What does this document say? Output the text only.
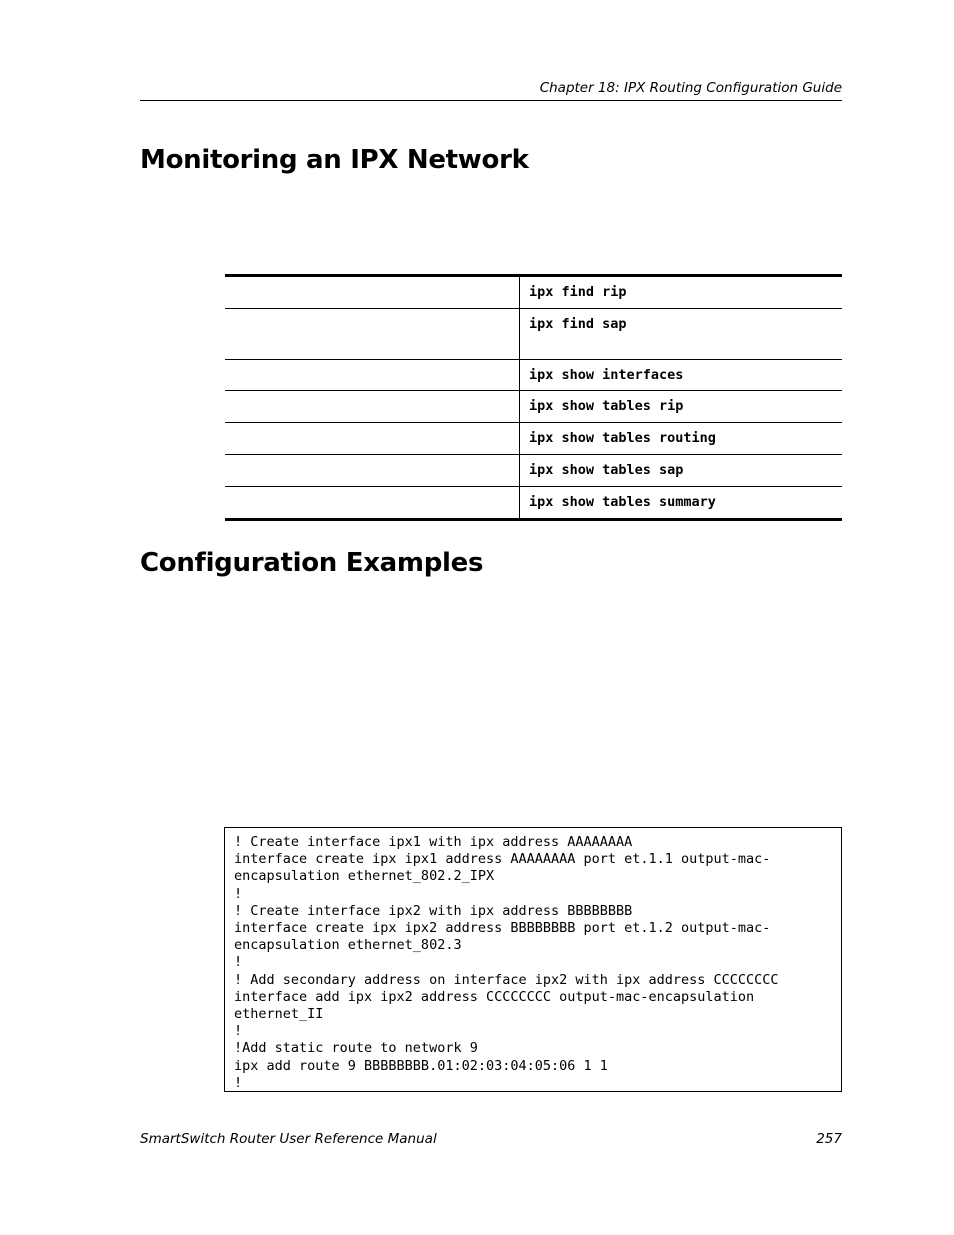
Chapter 18: IPX Routing Configuration Guide
Monitoring an IPX Network
	ipx find rip
	ipx find sap
	ipx show interfaces
	ipx show tables rip
	ipx show tables routing
	ipx show tables sap
	ipx show tables summary
Configuration Examples
! Create interface ipx1 with ipx address AAAAAAAA
interface create ipx ipx1 address AAAAAAAA port et.1.1 output-mac-
encapsulation ethernet_802.2_IPX
!
! Create interface ipx2 with ipx address BBBBBBBB
interface create ipx ipx2 address BBBBBBBB port et.1.2 output-mac-
encapsulation ethernet_802.3
!
! Add secondary address on interface ipx2 with ipx address CCCCCCCC
interface add ipx ipx2 address CCCCCCCC output-mac-encapsulation
ethernet_II
!
!Add static route to network 9
ipx add route 9 BBBBBBBB.01:02:03:04:05:06 1 1
!
SmartSwitch Router User Reference Manual	257
